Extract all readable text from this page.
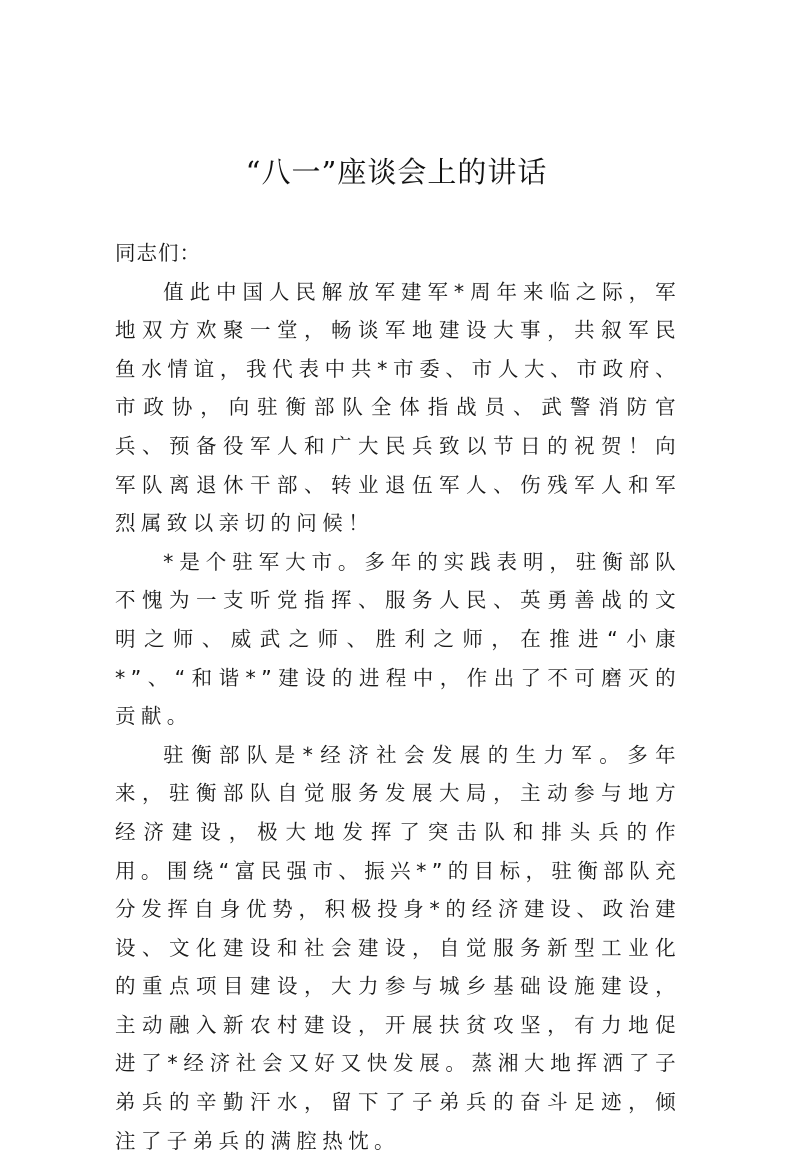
“八一”座谈会上的讲话

同志们：

值此中国人民解放军建军*周年来临之际，军地双方欢聚一堂，畅谈军地建设大事，共叙军民鱼水情谊，我代表中共*市委、市人大、市政府、市政协，向驻衡部队全体指战员、武警消防官兵、预备役军人和广大民兵致以节日的祝贺！向军队离退休干部、转业退伍军人、伤残军人和军烈属致以亲切的问候！

*是个驻军大市。多年的实践表明，驻衡部队不愧为一支听党指挥、服务人民、英勇善战的文明之师、威武之师、胜利之师，在推进“小康*”、“和谐*”建设的进程中，作出了不可磨灭的贡献。

驻衡部队是*经济社会发展的生力军。多年来，驻衡部队自觉服务发展大局，主动参与地方经济建设，极大地发挥了突击队和排头兵的作用。围绕“富民强市、振兴*”的目标，驻衡部队充分发挥自身优势，积极投身*的经济建设、政治建设、文化建设和社会建设，自觉服务新型工业化的重点项目建设，大力参与城乡基础设施建设，主动融入新农村建设，开展扶贫攻坚，有力地促进了*经济社会又好又快发展。蒸湘大地挥洒了子弟兵的辛勤汗水，留下了子弟兵的奋斗足迹，倾注了子弟兵的满腔热忱。
